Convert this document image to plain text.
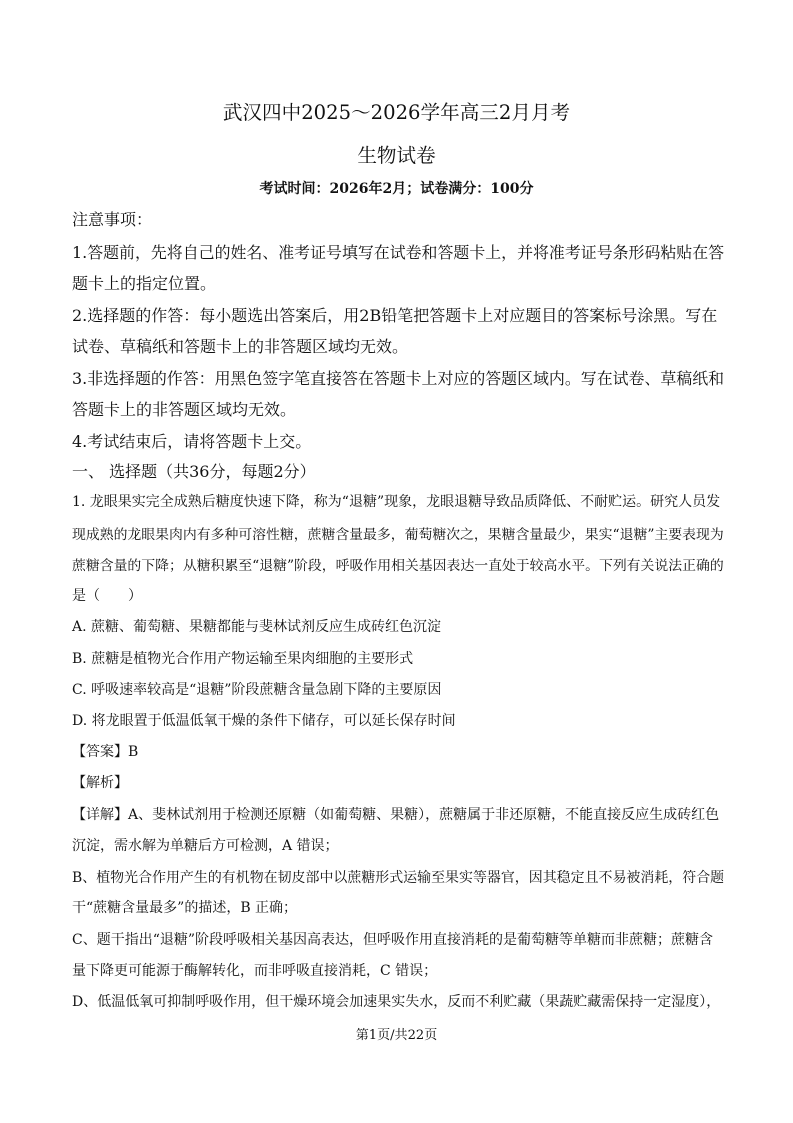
武汉四中2025～2026学年高三2月月考
生物试卷
考试时间：2026年2月；试卷满分：100分
注意事项：
1.答题前，先将自己的姓名、准考证号填写在试卷和答题卡上，并将准考证号条形码粘贴在答
题卡上的指定位置。
2.选择题的作答：每小题选出答案后，用2B铅笔把答题卡上对应题目的答案标号涂黑。写在
试卷、草稿纸和答题卡上的非答题区域均无效。
3.非选择题的作答：用黑色签字笔直接答在答题卡上对应的答题区域内。写在试卷、草稿纸和
答题卡上的非答题区域均无效。
4.考试结束后，请将答题卡上交。
一、 选择题（共36分，每题2分）
1. 龙眼果实完全成熟后糖度快速下降，称为“退糖”现象，龙眼退糖导致品质降低、不耐贮运。研究人员发
现成熟的龙眼果肉内有多种可溶性糖，蔗糖含量最多，葡萄糖次之，果糖含量最少，果实“退糖”主要表现为
蔗糖含量的下降；从糖积累至“退糖”阶段，呼吸作用相关基因表达一直处于较高水平。下列有关说法正确的
是（　　）
A. 蔗糖、葡萄糖、果糖都能与斐林试剂反应生成砖红色沉淀
B. 蔗糖是植物光合作用产物运输至果肉细胞的主要形式
C. 呼吸速率较高是“退糖”阶段蔗糖含量急剧下降的主要原因
D. 将龙眼置于低温低氧干燥的条件下储存，可以延长保存时间
【答案】B
【解析】
【详解】A、斐林试剂用于检测还原糖（如葡萄糖、果糖），蔗糖属于非还原糖，不能直接反应生成砖红色
沉淀，需水解为单糖后方可检测，A 错误；
B、植物光合作用产生的有机物在韧皮部中以蔗糖形式运输至果实等器官，因其稳定且不易被消耗，符合题
干“蔗糖含量最多”的描述，B 正确；
C、题干指出“退糖”阶段呼吸相关基因高表达，但呼吸作用直接消耗的是葡萄糖等单糖而非蔗糖；蔗糖含
量下降更可能源于酶解转化，而非呼吸直接消耗，C 错误；
D、低温低氧可抑制呼吸作用，但干燥环境会加速果实失水，反而不利贮藏（果蔬贮藏需保持一定湿度），
第1页/共22页
